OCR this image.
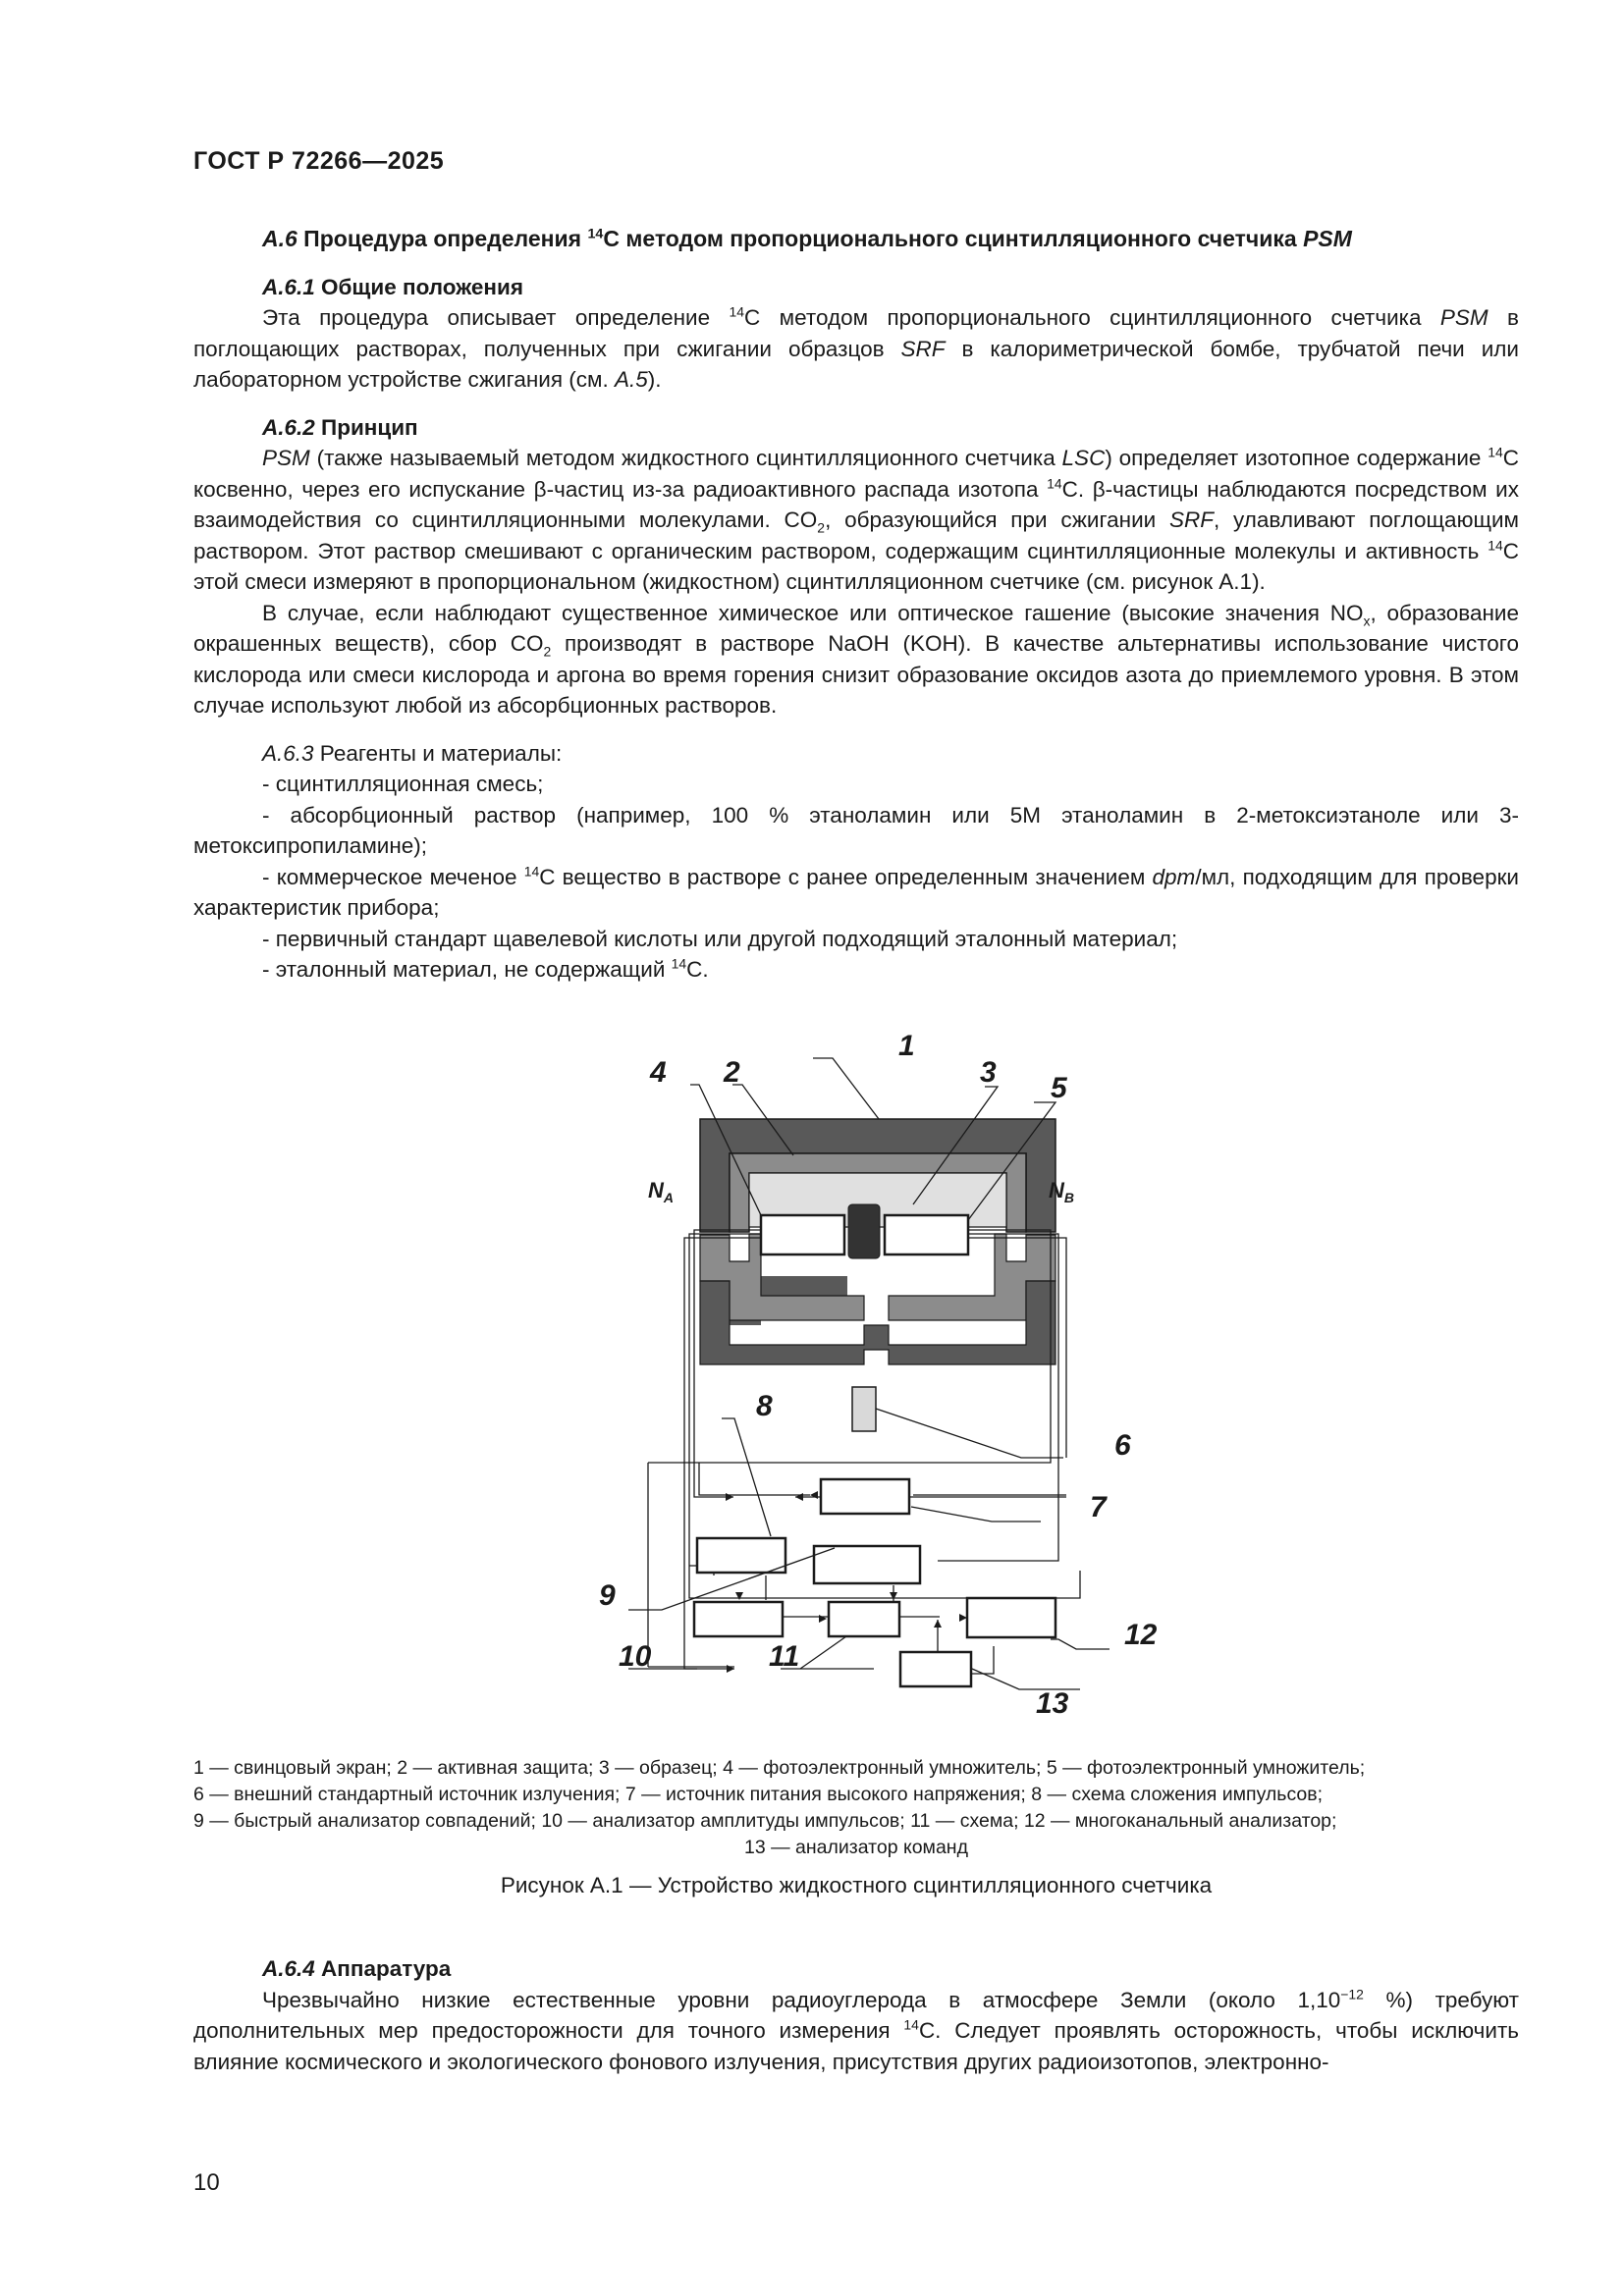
ГОСТ Р 72266—2025

А.6 Процедура определения $^{14}$С методом пропорционального сцинтилляционного счетчика PSM

А.6.1 Общие положения

Эта процедура описывает определение $^{14}$С методом пропорционального сцинтилляционного счетчика PSM в поглощающих растворах, полученных при сжигании образцов SRF в калориметрической бомбе, трубчатой печи или лабораторном устройстве сжигания (см. А.5).

А.6.2 Принцип

PSM (также называемый методом жидкостного сцинтилляционного счетчика LSC) определяет изотопное содержание $^{14}$С косвенно, через его испускание β-частиц из-за радиоактивного распада изотопа $^{14}$С. β-частицы наблюдаются посредством их взаимодействия со сцинтилляционными молекулами. $CO_2$, образующийся при сжигании SRF, улавливают поглощающим раствором. Этот раствор смешивают с органическим раствором, содержащим сцинтилляционные молекулы и активность $^{14}$С этой смеси измеряют в пропорциональном (жидкостном) сцинтилляционном счетчике (см. рисунок А.1).

В случае, если наблюдают существенное химическое или оптическое гашение (высокие значения $NO_x$, образование окрашенных веществ), сбор $CO_2$ производят в растворе NaOH (KOH). В качестве альтернативы использование чистого кислорода или смеси кислорода и аргона во время горения снизит образование оксидов азота до приемлемого уровня. В этом случае используют любой из абсорбционных растворов.

А.6.3 Реагенты и материалы:

- сцинтилляционная смесь;

- абсорбционный раствор (например, 100 % этаноламин или 5М этаноламин в 2-метоксиэтаноле или 3-метоксипропиламине);

- коммерческое меченое $^{14}$С вещество в растворе с ранее определенным значением dpm/мл, подходящим для проверки характеристик прибора;

- первичный стандарт щавелевой кислоты или другой подходящий эталонный материал;

- эталонный материал, не содержащий $^{14}$С.

1
2	3
4	5
6
7
8
9
10	11
12
13
$N_A$	$N_B$
1 — свинцовый экран; 2 — активная защита; 3 — образец; 4 — фотоэлектронный умножитель; 5 — фотоэлектронный умножитель;
6 — внешний стандартный источник излучения; 7 — источник питания высокого напряжения; 8 — схема сложения импульсов;
9 — быстрый анализатор совпадений; 10 — анализатор амплитуды импульсов; 11 — схема; 12 — многоканальный анализатор;
13 — анализатор команд
Рисунок А.1 — Устройство жидкостного сцинтилляционного счетчика

А.6.4 Аппаратура

Чрезвычайно низкие естественные уровни радиоуглерода в атмосфере Земли (около $1,10^{-12}$ %) требуют дополнительных мер предосторожности для точного измерения $^{14}$С. Следует проявлять осторожность, чтобы исключить влияние космического и экологического фонового излучения, присутствия других радиоизотопов, электронно-

10
